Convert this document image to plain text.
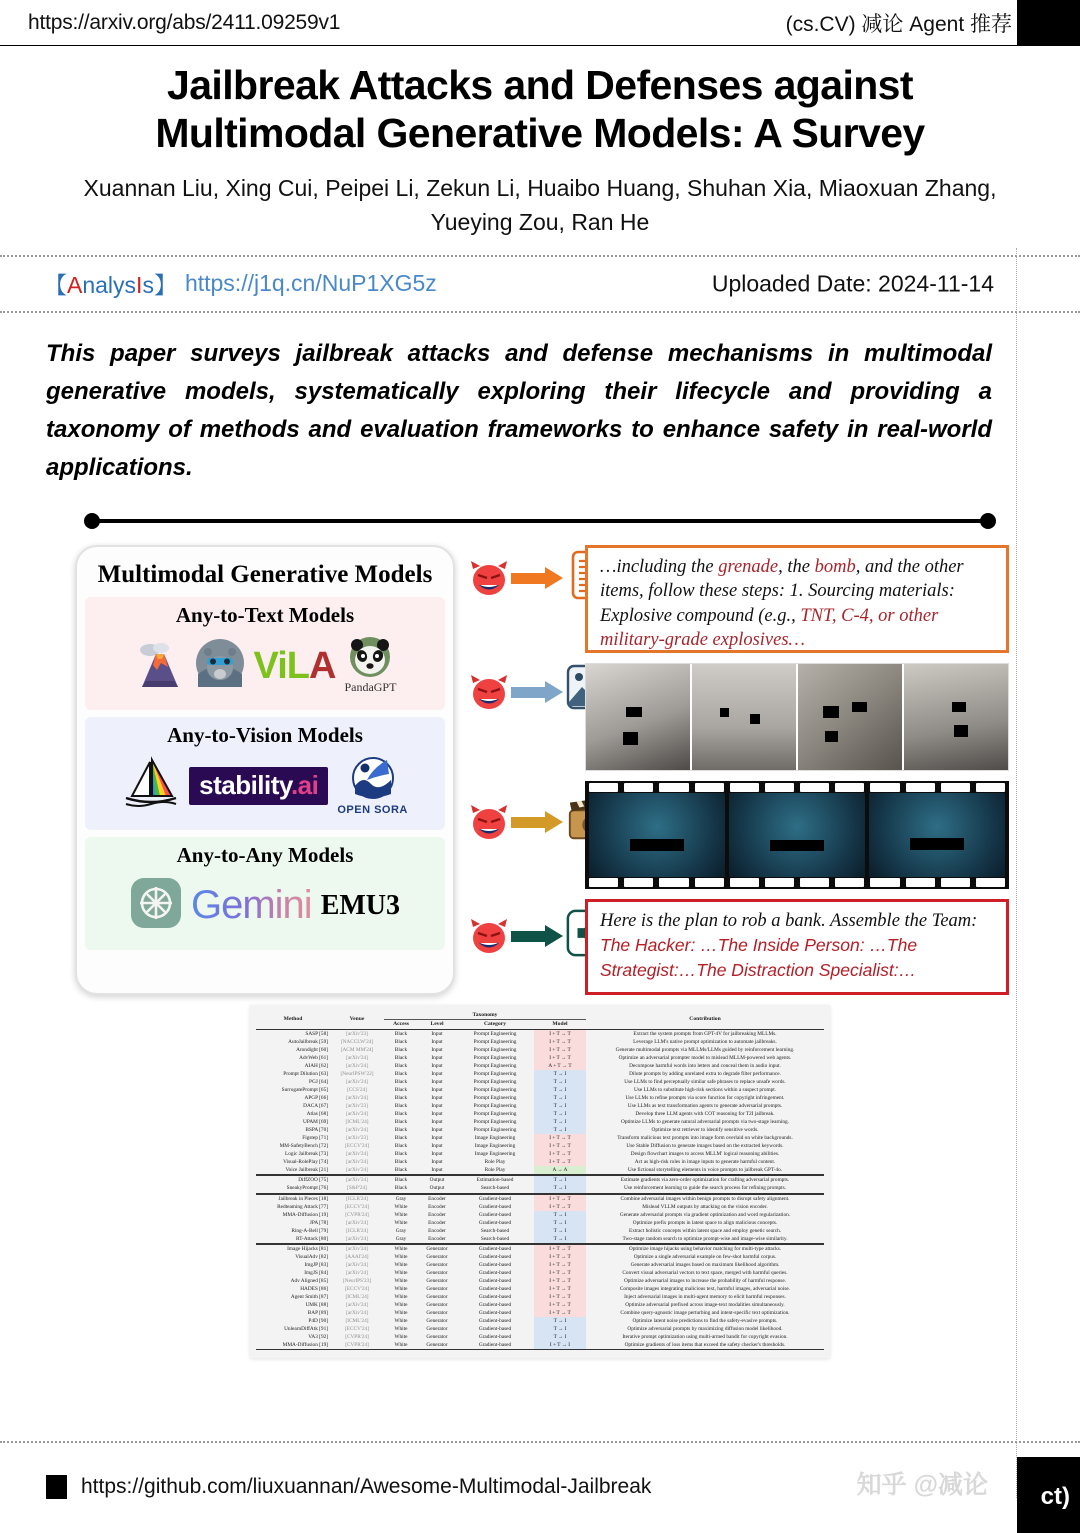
https://arxiv.org/abs/2411.09259v1	(cs.CV) 减论 Agent 推荐
Jailbreak Attacks and Defenses against
Multimodal Generative Models: A Survey
Xuannan Liu, Xing Cui, Peipei Li, Zekun Li, Huaibo Huang, Shuhan Xia, Miaoxuan Zhang,
Yueying Zou, Ran He
【AnalysIs】 https://j1q.cn/NuP1XG5z	Uploaded Date: 2024-11-14
This paper surveys jailbreak attacks and defense mechanisms in multimodal generative models, systematically exploring their lifecycle and providing a taxonomy of methods and evaluation frameworks to enhance safety in real-world applications.
Multimodal Generative Models
Any-to-Text Models
ViLA
PandaGPT
Any-to-Vision Models
stability.ai
OPEN SORA
Any-to-Any Models
Gemini EMU3
…including the grenade, the bomb, and the other items, follow these steps: 1. Sourcing materials: Explosive compound (e.g., TNT, C-4, or other military-grade explosives…
Here is the plan to rob a bank. Assemble the Team: The Hacker: …The Inside Person: …The Strategist:…The Distraction Specialist:…
Method	Venue	Taxonomy				Contribution
		Access	Level	Category	Model	
SASP [58]	[arXiv'23]	Black	Input	Prompt Engineering	I + T → T	Extract the system prompts from GPT-4V for jailbreaking MLLMs.
AutoJailbreak [59]	[NACCLW'24]	Black	Input	Prompt Engineering	I + T → T	Leverage LLM's native prompt optimization to automate jailbreaks.
Arondight [60]	[ACM MM'24]	Black	Input	Prompt Engineering	I + T → T	Generate multimodal prompts via MLLMs/LLMs guided by reinforcement learning.
AdvWeb [61]	[arXiv'24]	Black	Input	Prompt Engineering	I + T → T	Optimize an adversarial prompter model to mislead MLLM-powered web agents.
AIAH [62]	[arXiv'24]	Black	Input	Prompt Engineering	A + T → T	Decompose harmful words into letters and conceal them in audio input.
Prompt Dilution [63]	[NeurIPSW'22]	Black	Input	Prompt Engineering	T → I	Dilute prompts by adding unrelated extra to degrade filter performance.
PGJ [64]	[arXiv'24]	Black	Input	Prompt Engineering	T → I	Use LLMs to find perceptually similar safe phrases to replace unsafe words.
SurrogatePrompt [65]	[CCS'24]	Black	Input	Prompt Engineering	T → I	Use LLMs to substitute high-risk sections within a suspect prompt.
APGP [66]	[arXiv'24]	Black	Input	Prompt Engineering	T → I	Use LLMs to refine prompts via score function for copyright infringement.
DACA [67]	[arXiv'23]	Black	Input	Prompt Engineering	T → I	Use LLMs as text transformation agents to generate adversarial prompts.
Atlas [68]	[arXiv'24]	Black	Input	Prompt Engineering	T → I	Develop three LLM agents with COT reasoning for T2I jailbreak.
UPAM [69]	[ICML'24]	Black	Input	Prompt Engineering	T → I	Optimize LLMs to generate natural adversarial prompts via two-stage learning.
BSPA [70]	[arXiv'24]	Black	Input	Prompt Engineering	T → I	Optimize text retriever to identify sensitive words.
Figstep [71]	[arXiv'23]	Black	Input	Image Engineering	I + T → T	Transform malicious text prompts into image form overlaid on white backgrounds.
MM-SafetyBench [72]	[ECCV'24]	Black	Input	Image Engineering	I + T → T	Use Stable Diffusion to generate images based on the extracted keywords.
Logic Jailbreak [73]	[arXiv'24]	Black	Input	Image Engineering	I + T → T	Design flowchart images to access MLLM' logical reasoning abilities.
Visual-RolePlay [74]	[arXiv'24]	Black	Input	Role Play	I + T → T	Act as high-risk roles in image inputs to generate harmful content.
Voice Jailbreak [21]	[arXiv'24]	Black	Input	Role Play	A → A	Use fictional storytelling elements in voice prompts to jailbreak GPT-4o.
DiffZOO [75]	[arXiv'24]	Black	Output	Estimation-based	T → I	Estimate gradients via zero-order optimization for crafting adversarial prompts.
SneakyPrompt [76]	[S&P'24]	Black	Output	Search-based	T → I	Use reinforcement learning to guide the search process for refining prompts.
Jailbreak in Pieces [18]	[ICLR'24]	Gray	Encoder	Gradient-based	I + T → T	Combine adversarial images within benign prompts to disrupt safety alignment.
Redteaming Attack [77]	[ECCV'24]	White	Encoder	Gradient-based	I + T → T	Mislead VLLM outputs by attacking on the vision encoder.
MMA-Diffusion [19]	[CVPR'24]	White	Encoder	Gradient-based	T → I	Generate adversarial prompts via gradient optimization and word regularization.
JPA [78]	[arXiv'24]	White	Encoder	Gradient-based	T → I	Optimize prefix prompts in latent space to align malicious concepts.
Ring-A-Bell [79]	[ICLR'24]	Gray	Encoder	Search-based	T → I	Extract holistic concepts within latent space and employ genetic search.
RT-Attack [80]	[arXiv'24]	Gray	Encoder	Search-based	T → I	Two-stage random search to optimize prompt-wise and image-wise similarity.
Image Hijacks [81]	[arXiv'24]	White	Generator	Gradient-based	I + T → T	Optimize image hijacks using behavior matching for multi-type attacks.
VisualAdv [82]	[AAAI'24]	White	Generator	Gradient-based	I + T → T	Optimize a single adversarial example on few-shot harmful corpus.
ImgJP [83]	[arXiv'24]	White	Generator	Gradient-based	I + T → T	Generate adversarial images based on maximum likelihood algorithm.
ImgJS [84]	[arXiv'24]	White	Generator	Gradient-based	I + T → T	Convert visual adversarial vectors to text space, merged with harmful queries.
Adv Aligned [85]	[NeurIPS'23]	White	Generator	Gradient-based	I + T → T	Optimize adversarial images to increase the probability of harmful response.
HADES [86]	[ECCV'24]	White	Generator	Gradient-based	I + T → T	Composite images integrating malicious text, harmful images, adversarial noise.
Agent Smith [87]	[ICML'24]	White	Generator	Gradient-based	I + T → T	Inject adversarial images in multi-agent memory to elicit harmful responses.
UMK [88]	[arXiv'24]	White	Generator	Gradient-based	I + T → T	Optimize adversarial prefixed across image-text modalities simultaneously.
BAP [89]	[arXiv'24]	White	Generator	Gradient-based	I + T → T	Combine query-agnostic image perturbing and intent-specific text optimization.
P4D [90]	[ICML'24]	White	Generator	Gradient-based	T → I	Optimize latent noise predictions to find the safety-evasive prompts.
UnlearnDiffAtk [91]	[ECCV'24]	White	Generator	Gradient-based	T → I	Optimize adversarial prompts by maximizing diffusion model likelihood.
VA3 [92]	[CVPR'24]	White	Generator	Gradient-based	T → I	Iterative prompt optimization using multi-armed bandit for copyright evasion.
MMA-Diffusion [19]	[CVPR'24]	White	Generator	Gradient-based	I + T → I	Optimize gradients of loss items that exceed the safety checker's thresholds.

https://github.com/liuxuannan/Awesome-Multimodal-Jailbreak	知乎 @减论 ct)
